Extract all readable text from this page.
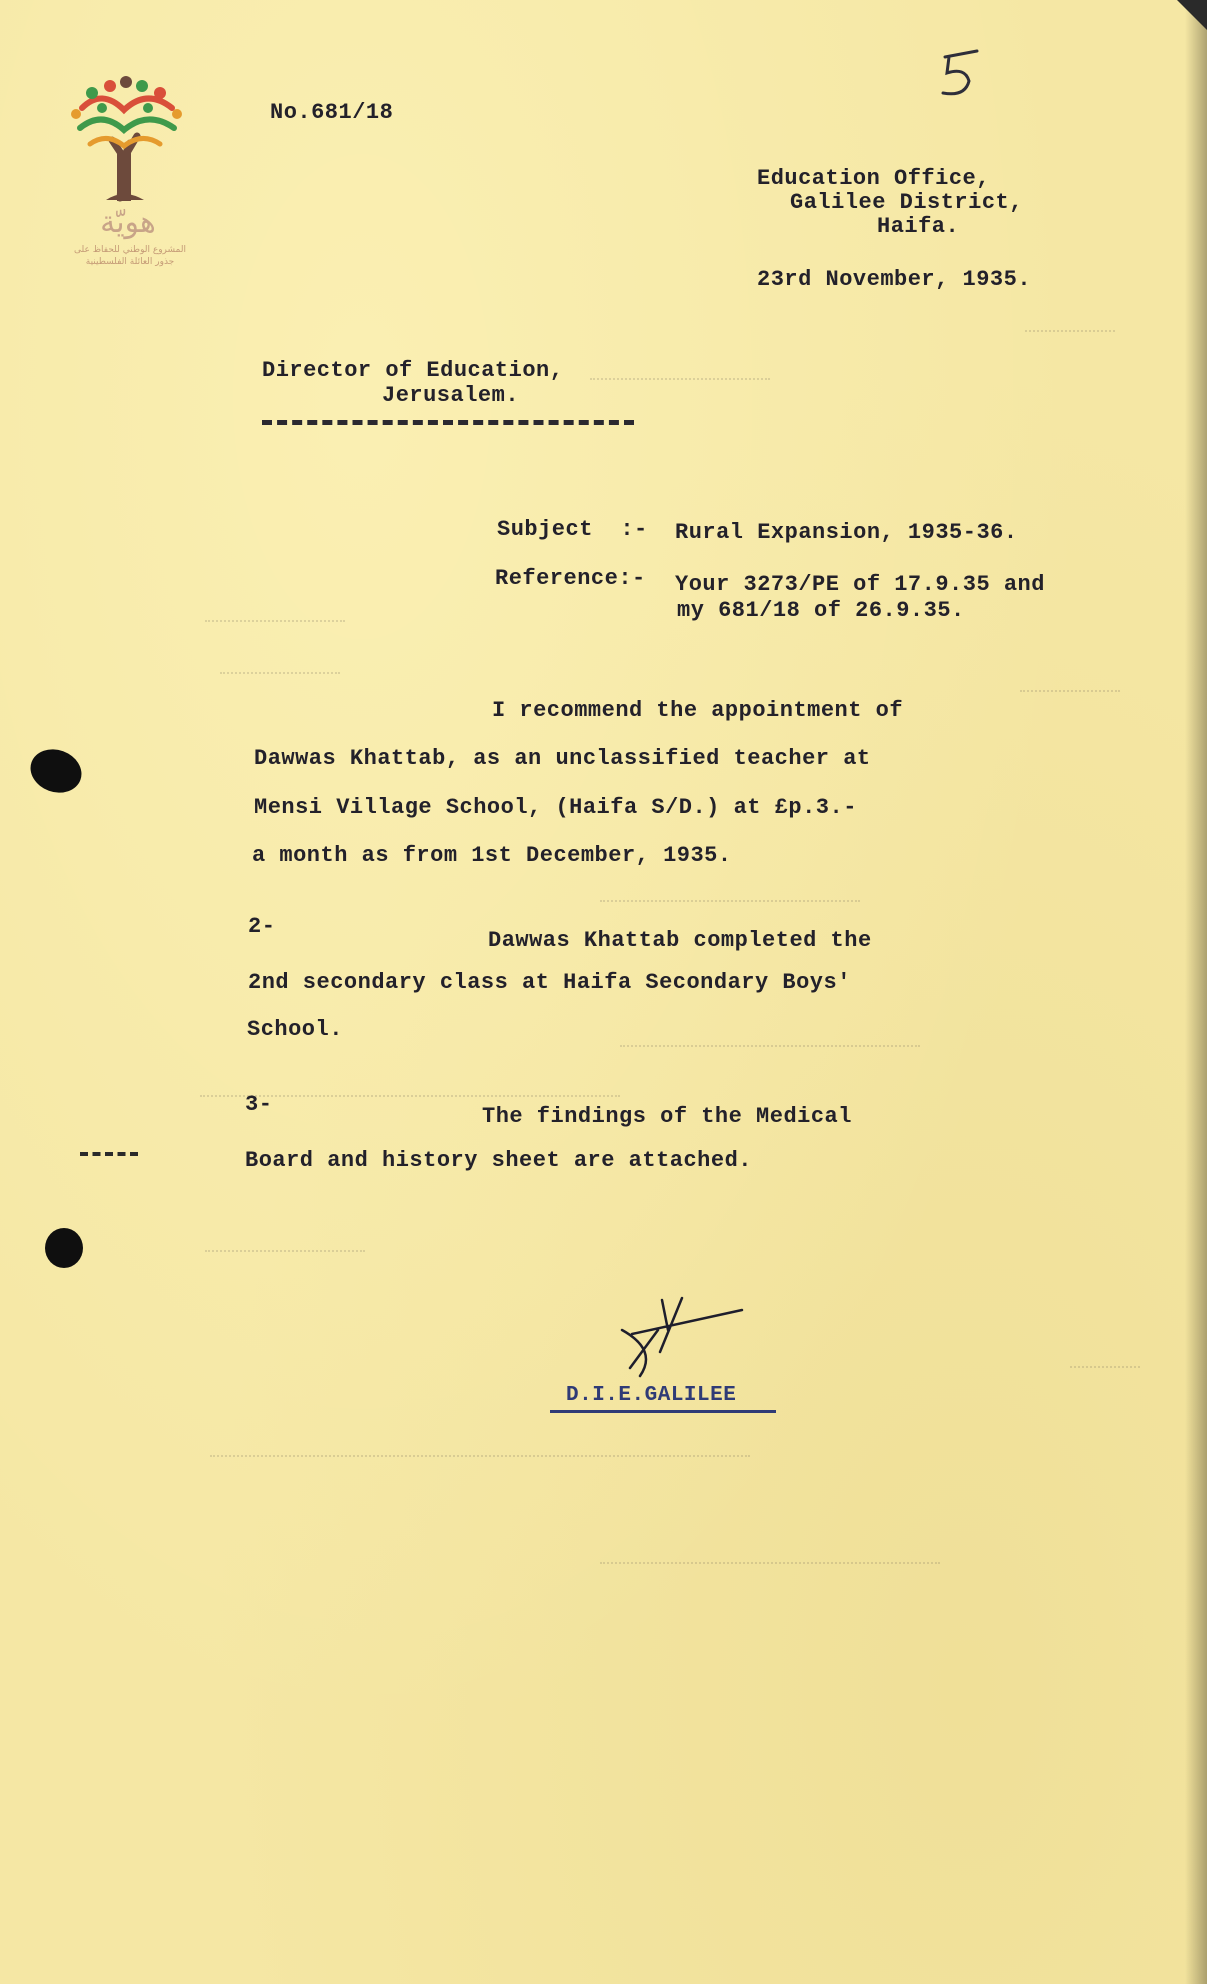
هويّة
المشروع الوطني للحفاظ على
جذور العائلة الفلسطينية
5
No.681/18
Education Office,
Galilee District,
Haifa.
23rd November, 1935.
Director of Education,
Jerusalem.
Subject  :- Rural Expansion, 1935-36.
Reference:- Your 3273/PE of 17.9.35 and
my 681/18 of 26.9.35.
I recommend the appointment of
Dawwas Khattab, as an unclassified teacher at
Mensi Village School, (Haifa S/D.) at £p.3.-
a month as from 1st December, 1935.
2-
Dawwas Khattab completed the
2nd secondary class at Haifa Secondary Boys'
School.
3-	The findings of the Medical
Board and history sheet are attached.
D.I.E.GALILEE
